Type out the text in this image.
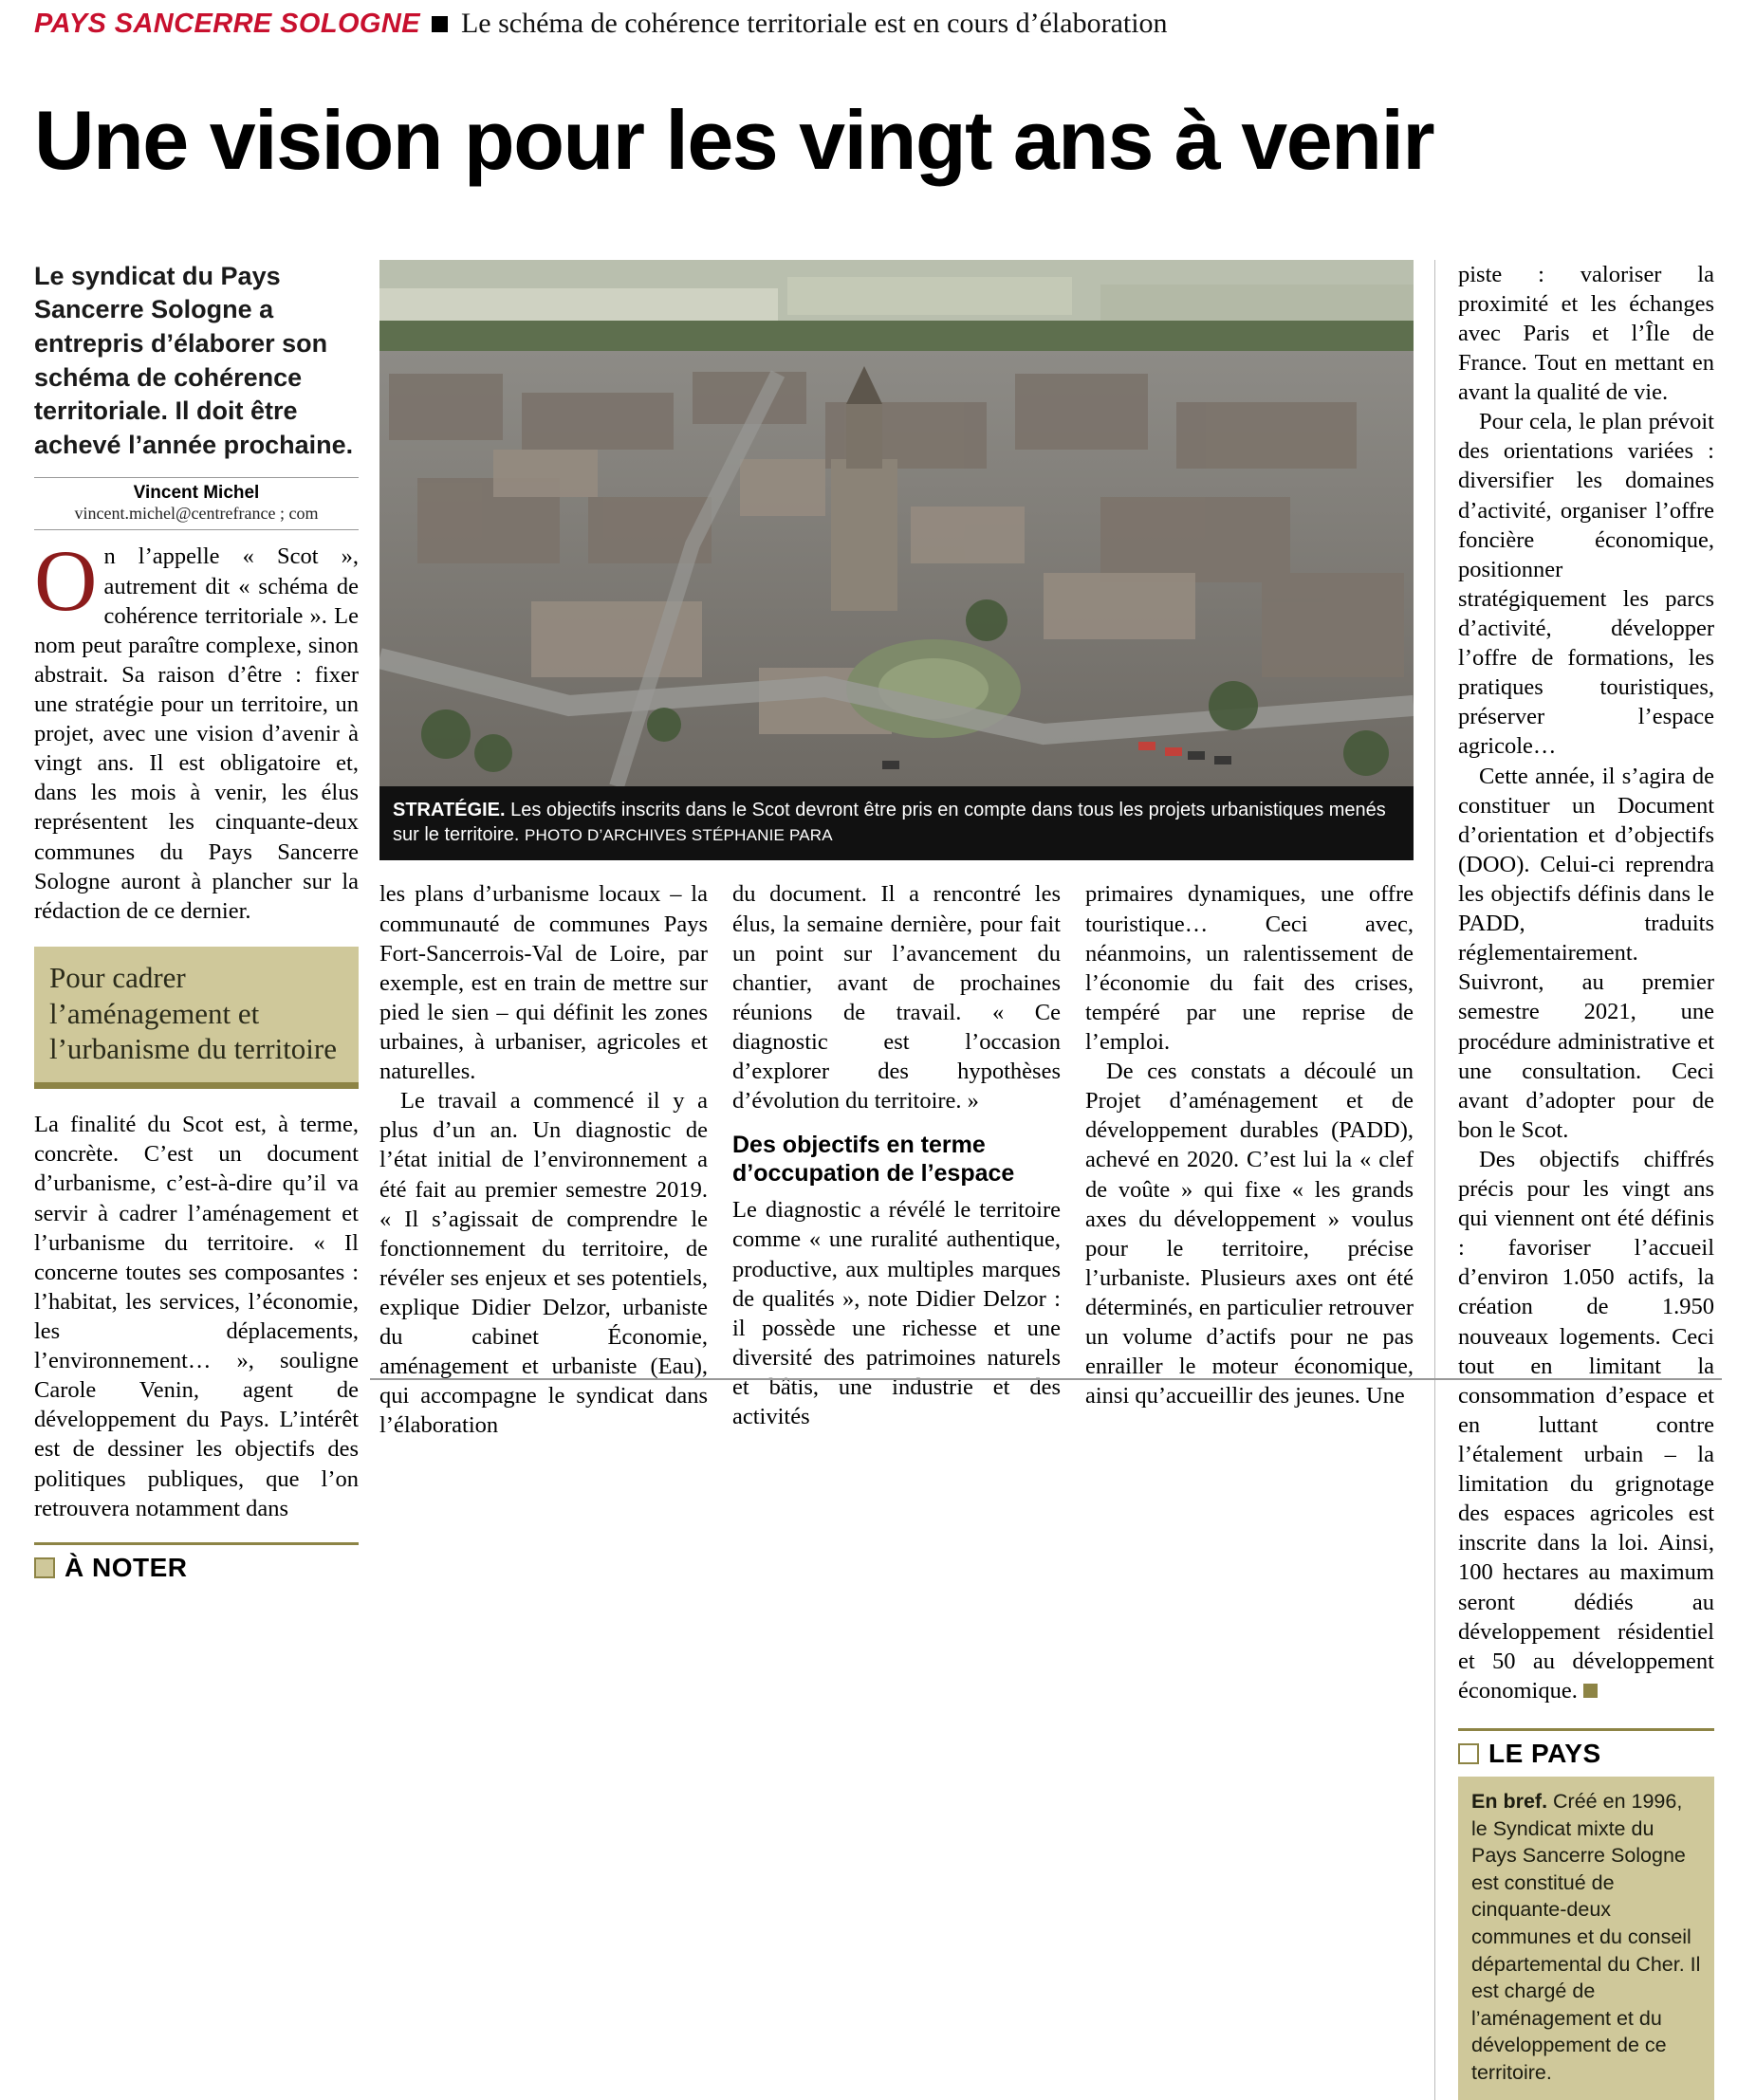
PAYS SANCERRE SOLOGNE Le schéma de cohérence territoriale est en cours d’élaboration
Une vision pour les vingt ans à venir
Le syndicat du Pays Sancerre Sologne a entrepris d’élaborer son schéma de cohérence territoriale. Il doit être achevé l’année prochaine.
Vincent Michel
vincent.michel@centrefrance ; com

On l’appelle « Scot », autrement dit « schéma de cohérence territoriale ». Le nom peut paraître complexe, sinon abstrait. Sa raison d’être : fixer une stratégie pour un territoire, un projet, avec une vision d’avenir à vingt ans. Il est obligatoire et, dans les mois à venir, les élus représentent les cinquante-deux communes du Pays Sancerre Sologne auront à plancher sur la rédaction de ce dernier.

Pour cadrer l’aménagement et l’urbanisme du territoire

La finalité du Scot est, à terme, concrète. C’est un document d’urbanisme, c’est-à-dire qu’il va servir à cadrer l’aménagement et l’urbanisme du territoire. « Il concerne toutes ses composantes : l’habitat, les services, l’économie, les déplacements, l’environnement… », souligne Carole Venin, agent de développement du Pays. L’intérêt est de dessiner les objectifs des politiques publiques, que l’on retrouvera notamment dans

À NOTER
STRATÉGIE. Les objectifs inscrits dans le Scot devront être pris en compte dans tous les projets urbanistiques menés sur le territoire. PHOTO D’ARCHIVES STÉPHANIE PARA

les plans d’urbanisme locaux – la communauté de communes Pays Fort-Sancerrois-Val de Loire, par exemple, est en train de mettre sur pied le sien – qui définit les zones urbaines, à urbaniser, agricoles et naturelles.

Le travail a commencé il y a plus d’un an. Un diagnostic de l’état initial de l’environnement a été fait au premier semestre 2019. « Il s’agissait de comprendre le fonctionnement du territoire, de révéler ses enjeux et ses potentiels, explique Didier Delzor, urbaniste du cabinet Économie, aménagement et urbaniste (Eau), qui accompagne le syndicat dans l’élaboration

du document. Il a rencontré les élus, la semaine dernière, pour fait un point sur l’avancement du chantier, avant de prochaines réunions de travail. « Ce diagnostic est l’occasion d’explorer des hypothèses d’évolution du territoire. »

Des objectifs en terme d’occupation de l’espace

Le diagnostic a révélé le territoire comme « une ruralité authentique, productive, aux multiples marques de qualités », note Didier Delzor : il possède une richesse et une diversité des patrimoines naturels et bâtis, une industrie et des activités

primaires dynamiques, une offre touristique… Ceci avec, néanmoins, un ralentissement de l’économie du fait des crises, tempéré par une reprise de l’emploi.

De ces constats a découlé un Projet d’aménagement et de développement durables (PADD), achevé en 2020. C’est lui la « clef de voûte » qui fixe « les grands axes du développement » voulus pour le territoire, précise l’urbaniste. Plusieurs axes ont été déterminés, en particulier retrouver un volume d’actifs pour ne pas enrailler le moteur économique, ainsi qu’accueillir des jeunes. Une

piste : valoriser la proximité et les échanges avec Paris et l’Île de France. Tout en mettant en avant la qualité de vie.

Pour cela, le plan prévoit des orientations variées : diversifier les domaines d’activité, organiser l’offre foncière économique, positionner stratégiquement les parcs d’activité, développer l’offre de formations, les pratiques touristiques, préserver l’espace agricole…

Cette année, il s’agira de constituer un Document d’orientation et d’objectifs (DOO). Celui-ci reprendra les objectifs définis dans le PADD, traduits réglementairement. Suivront, au premier semestre 2021, une procédure administrative et une consultation. Ceci avant d’adopter pour de bon le Scot.

Des objectifs chiffrés précis pour les vingt ans qui viennent ont été définis : favoriser l’accueil d’environ 1.050 actifs, la création de 1.950 nouveaux logements. Ceci tout en limitant la consommation d’espace et en luttant contre l’étalement urbain – la limitation du grignotage des espaces agricoles est inscrite dans la loi. Ainsi, 100 hectares au maximum seront dédiés au développement résidentiel et 50 au développement économique.

LE PAYS
En bref. Créé en 1996, le Syndicat mixte du Pays Sancerre Sologne est constitué de cinquante-deux communes et du conseil départemental du Cher. Il est chargé de l’aménagement et du développement de ce territoire.
